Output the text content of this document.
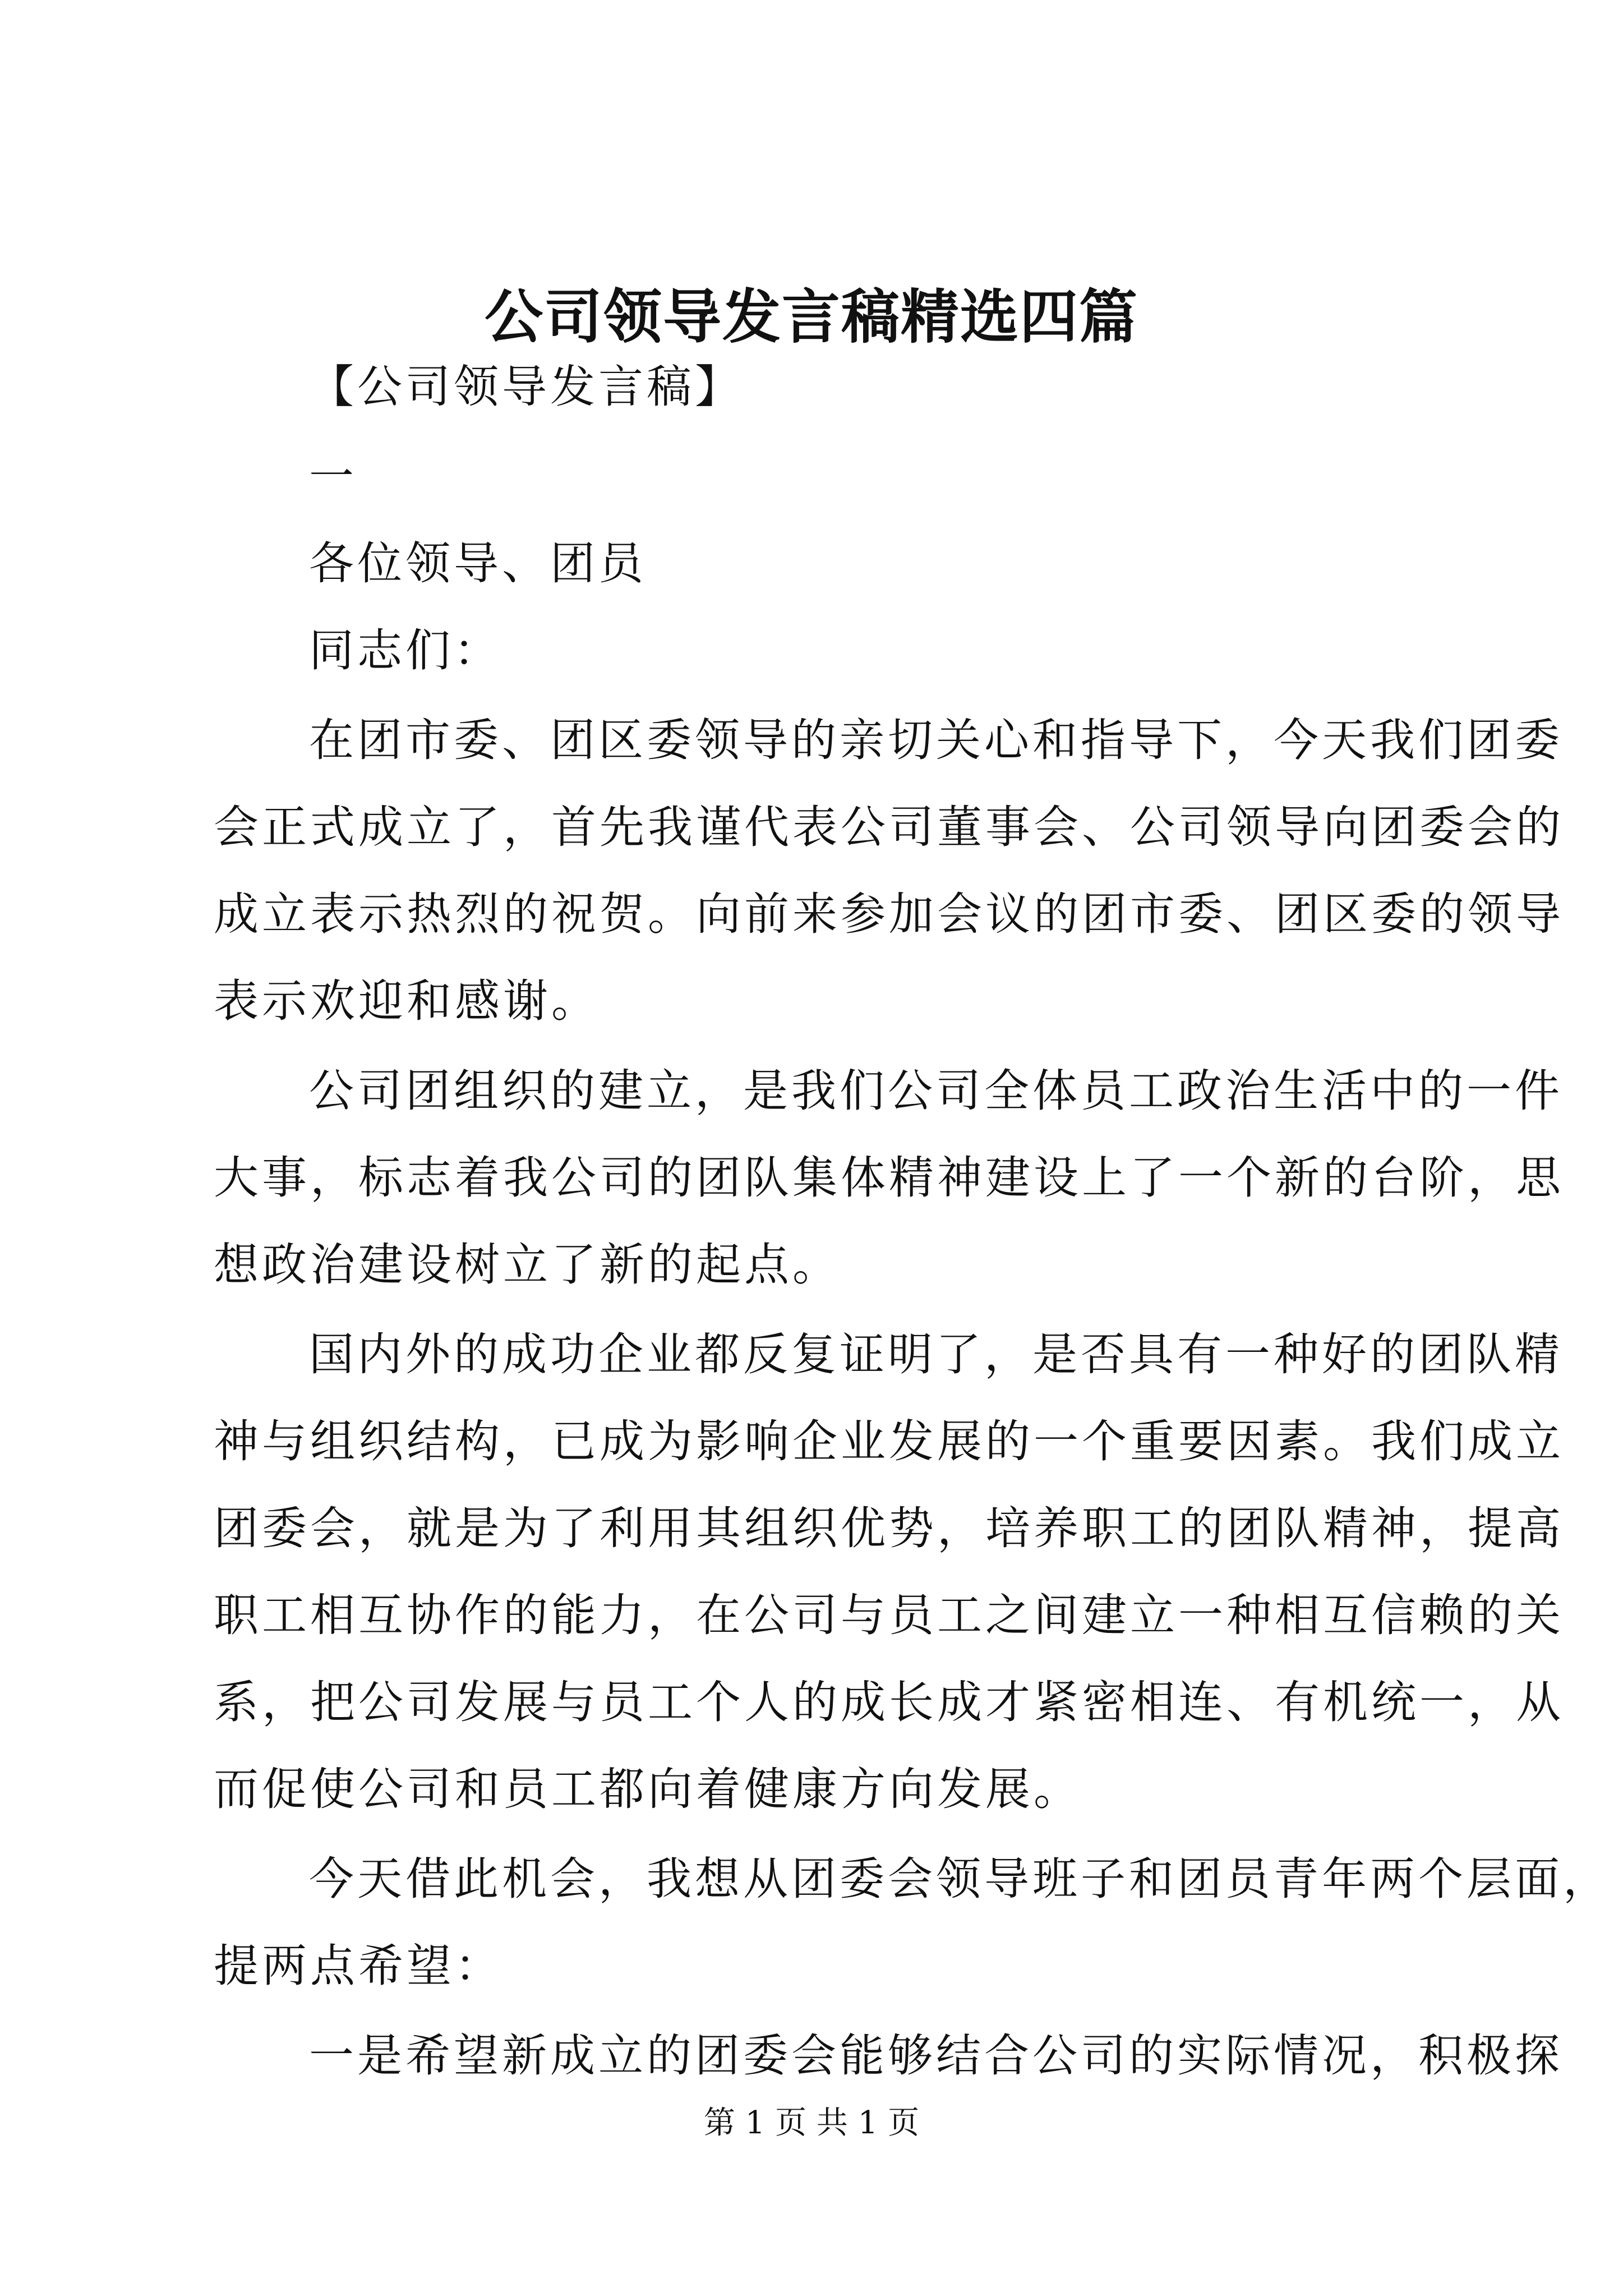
公司领导发言稿精选四篇
【公司领导发言稿】
一
各位领导、团员
同志们：
在团市委、团区委领导的亲切关心和指导下，今天我们团委
会正式成立了，首先我谨代表公司董事会、公司领导向团委会的
成立表示热烈的祝贺。向前来参加会议的团市委、团区委的领导
表示欢迎和感谢。
公司团组织的建立，是我们公司全体员工政治生活中的一件
大事，标志着我公司的团队集体精神建设上了一个新的台阶，思
想政治建设树立了新的起点。
国内外的成功企业都反复证明了，是否具有一种好的团队精
神与组织结构，已成为影响企业发展的一个重要因素。我们成立
团委会，就是为了利用其组织优势，培养职工的团队精神，提高
职工相互协作的能力，在公司与员工之间建立一种相互信赖的关
系，把公司发展与员工个人的成长成才紧密相连、有机统一，从
而促使公司和员工都向着健康方向发展。
今天借此机会，我想从团委会领导班子和团员青年两个层面，
提两点希望：
一是希望新成立的团委会能够结合公司的实际情况，积极探
第 1 页 共 1 页
